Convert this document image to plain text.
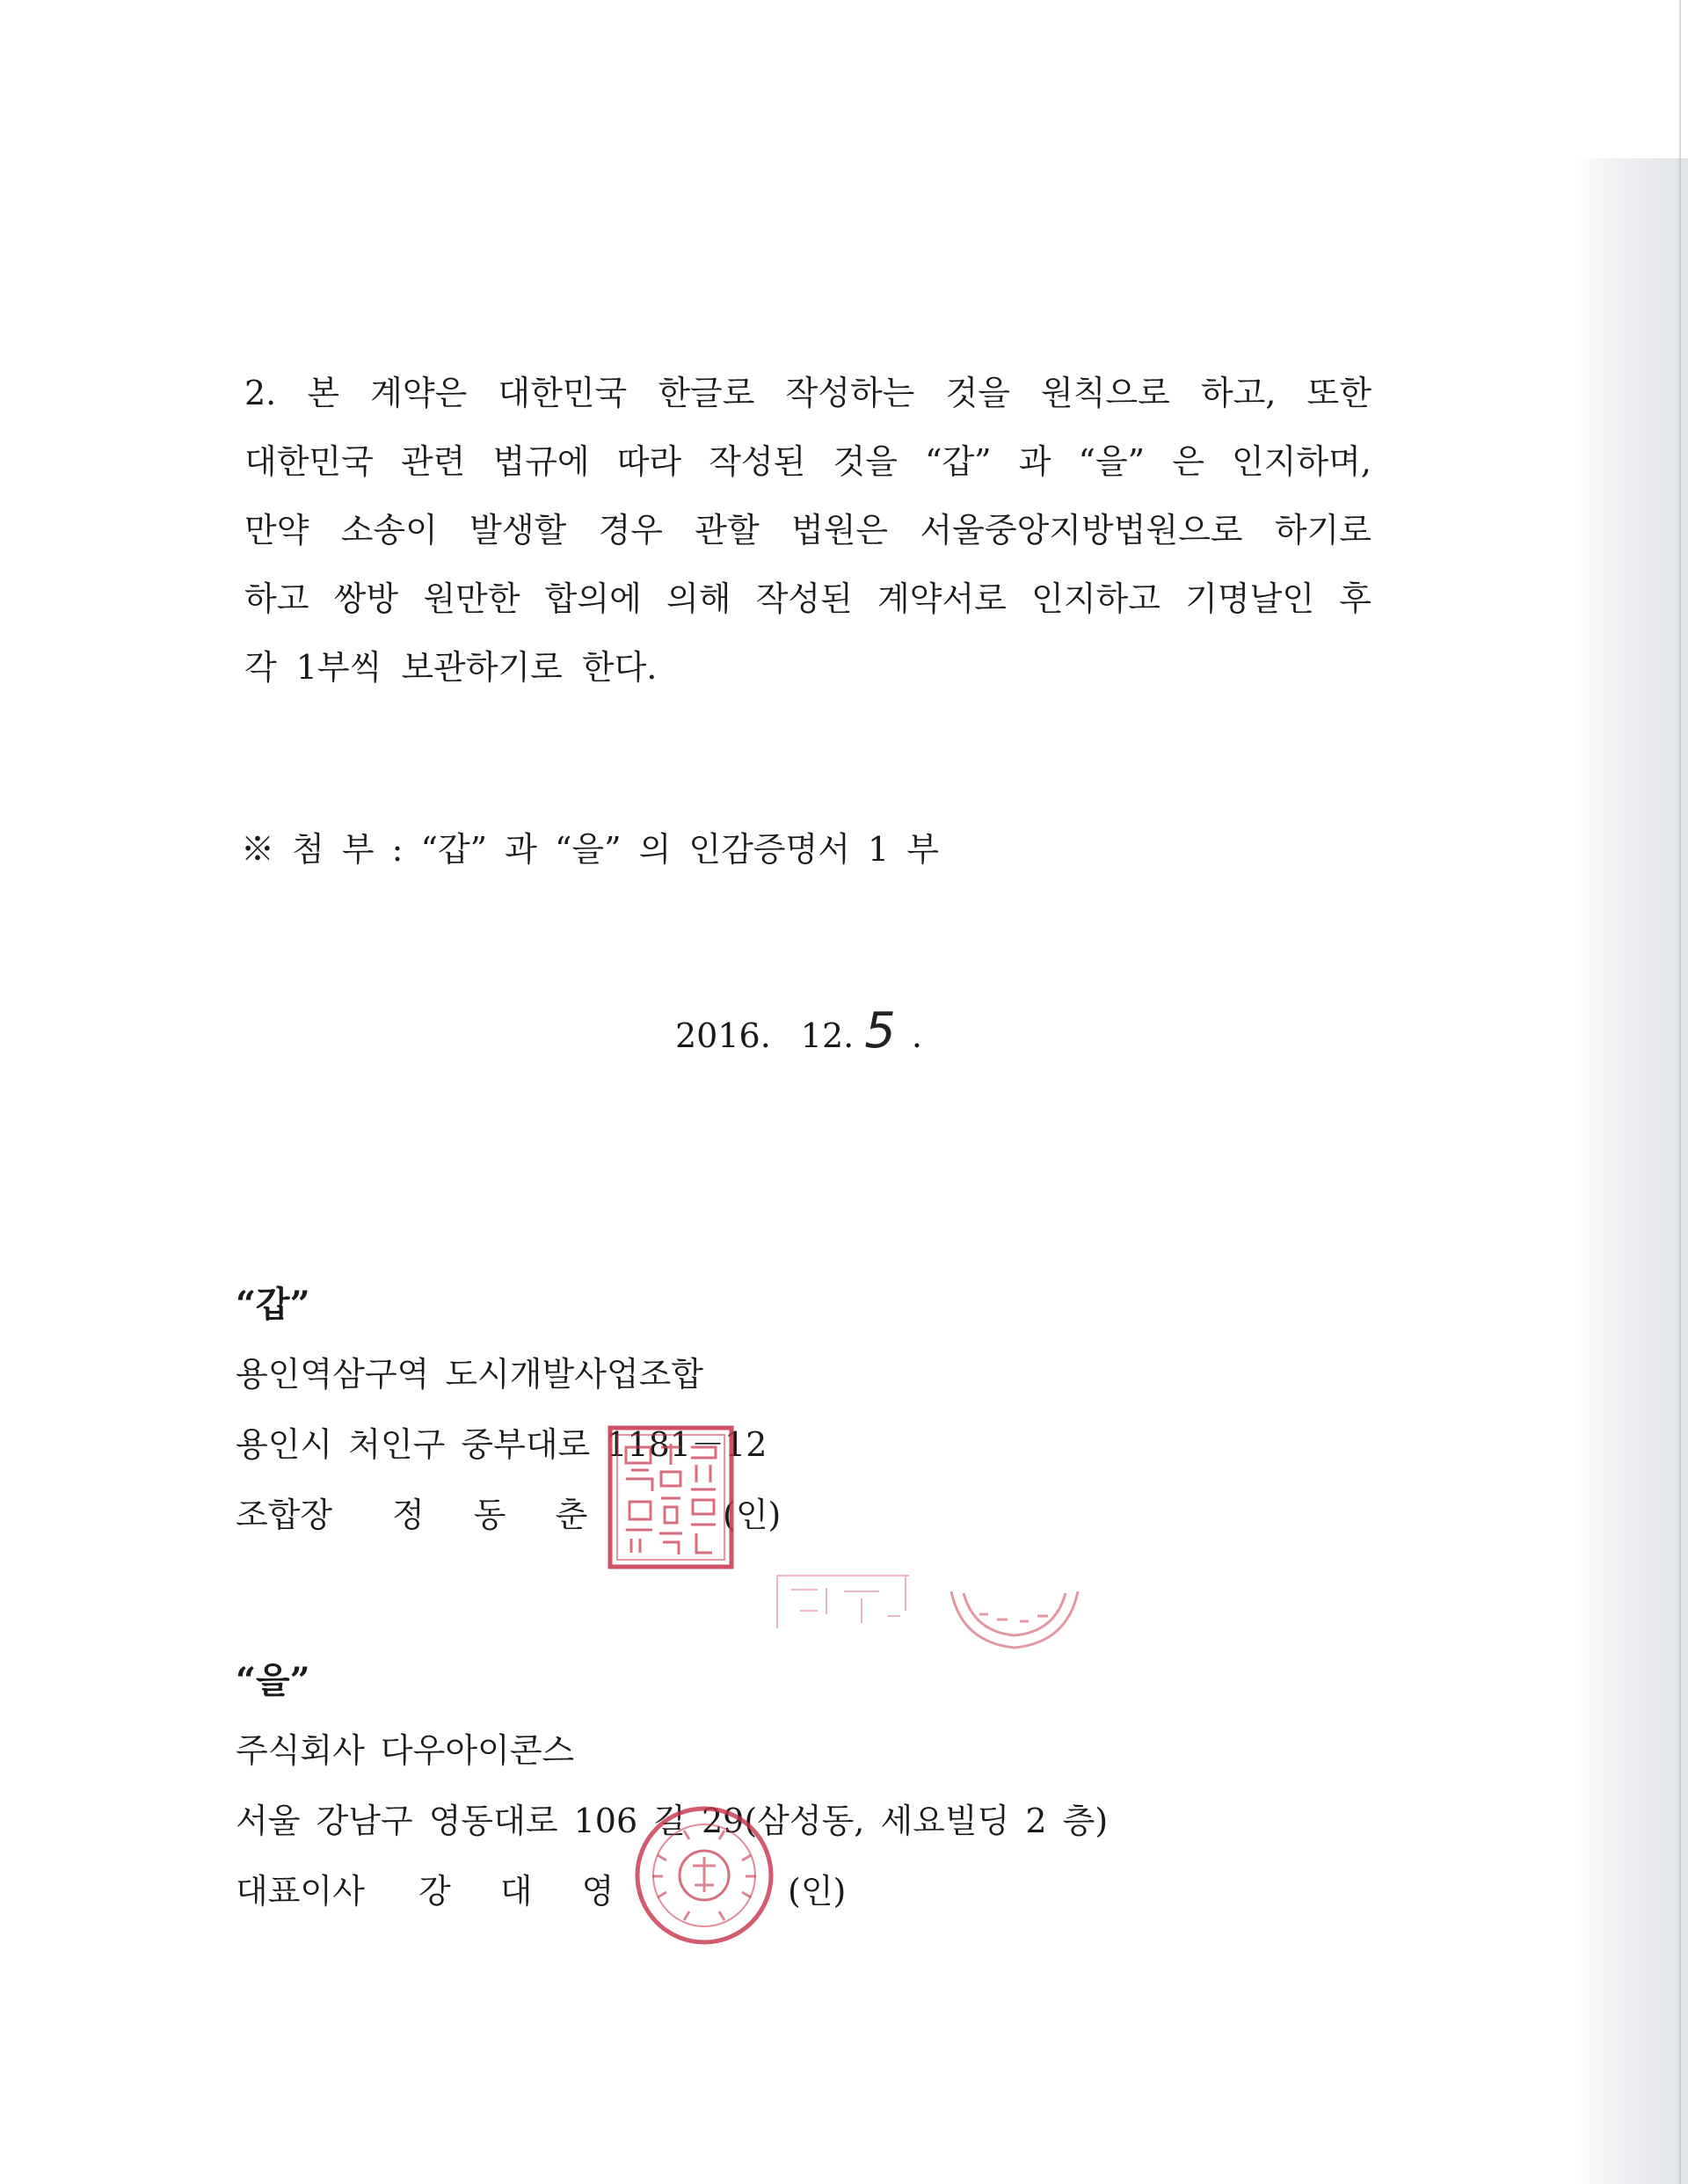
2. 본 계약은 대한민국 한글로 작성하는 것을 원칙으로 하고, 또한
대한민국 관련 법규에 따라 작성된 것을 “갑” 과 “을” 은 인지하며,
만약 소송이 발생할 경우 관할 법원은 서울중앙지방법원으로 하기로
하고 쌍방 원만한 합의에 의해 작성된 계약서로 인지하고 기명날인 후
각 1부씩 보관하기로 한다.
※ 첨 부 : “갑” 과 “을” 의 인감증명서 1 부
2016. 12. 5 .
“갑”
용인역삼구역 도시개발사업조합
용인시 처인구 중부대로 1181－12
조합장	정 동 춘	(인)
“을”
주식회사 다우아이콘스
서울 강남구 영동대로 106 길 29(삼성동, 세요빌딩 2 층)
대표이사	강 대 영	(인)
